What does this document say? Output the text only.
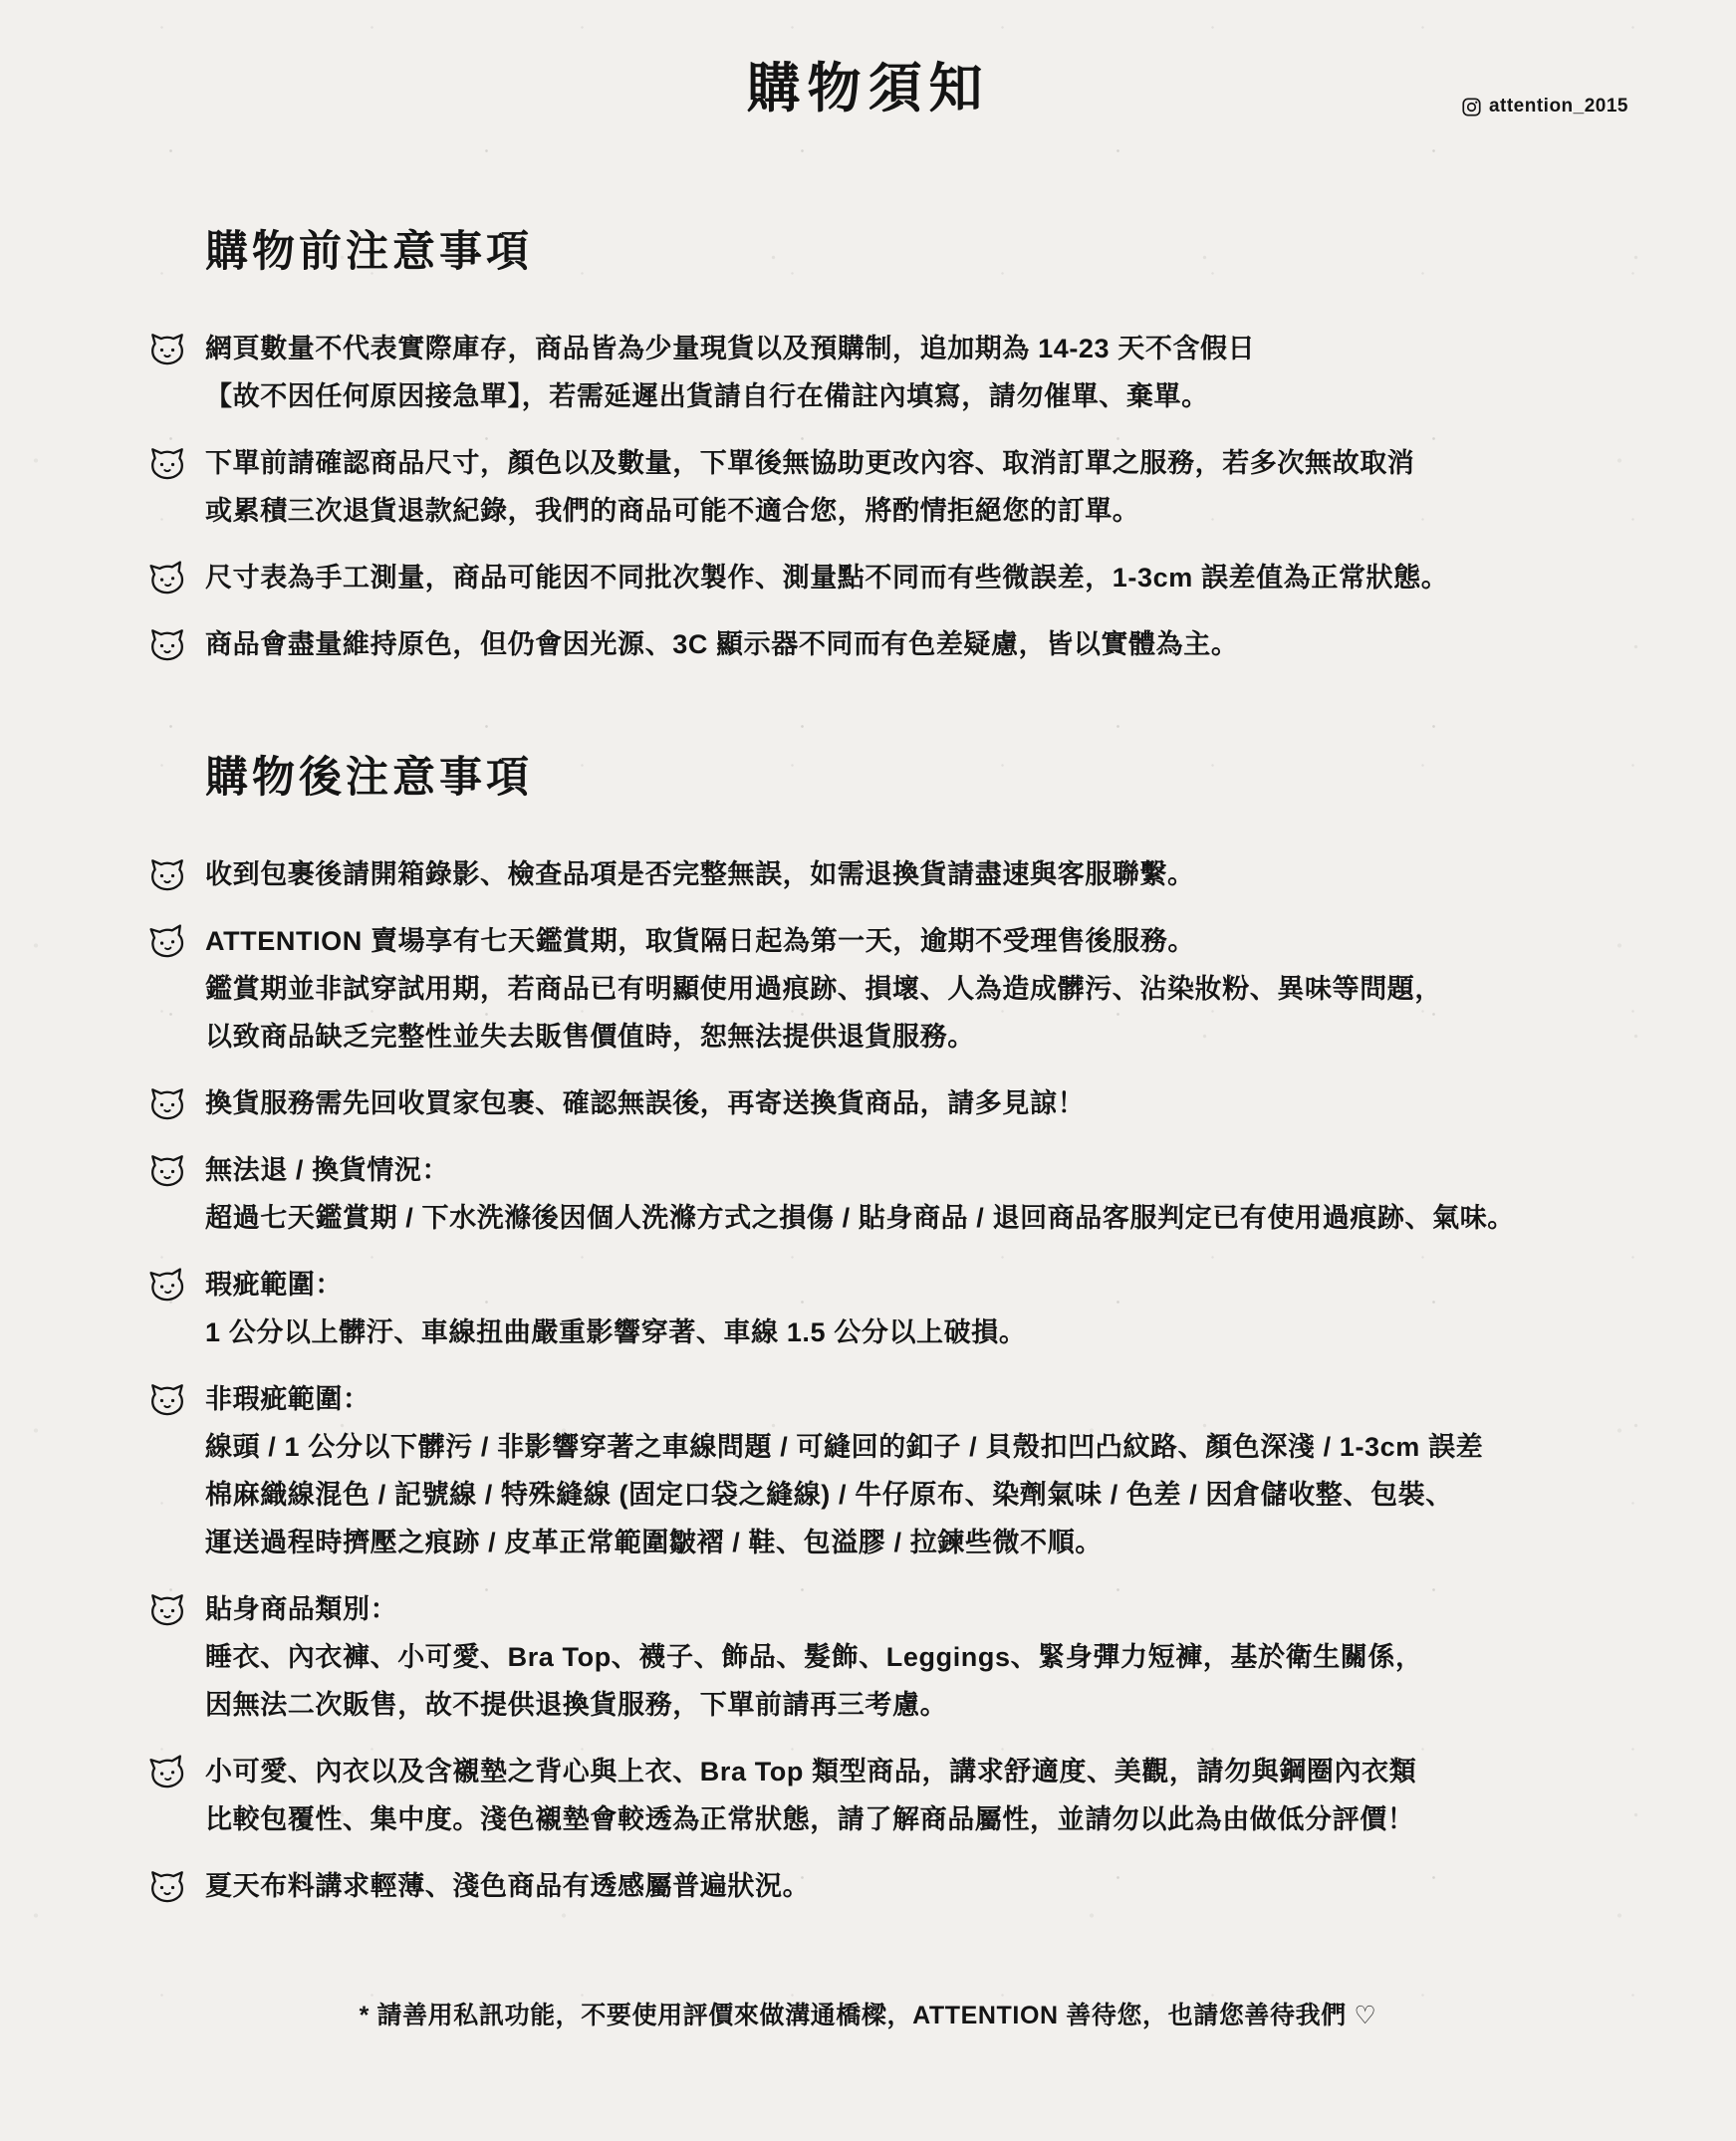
購物須知	attention_2015
購物前注意事項
網頁數量不代表實際庫存，商品皆為少量現貨以及預購制，追加期為 14-23 天不含假日
【故不因任何原因接急單】，若需延遲出貨請自行在備註內填寫，請勿催單、棄單。
下單前請確認商品尺寸，顏色以及數量，下單後無協助更改內容、取消訂單之服務，若多次無故取消
或累積三次退貨退款紀錄，我們的商品可能不適合您，將酌情拒絕您的訂單。
尺寸表為手工測量，商品可能因不同批次製作、測量點不同而有些微誤差，1-3cm 誤差值為正常狀態。
商品會盡量維持原色，但仍會因光源、3C 顯示器不同而有色差疑慮，皆以實體為主。
購物後注意事項
收到包裹後請開箱錄影、檢查品項是否完整無誤，如需退換貨請盡速與客服聯繫。
ATTENTION 賣場享有七天鑑賞期，取貨隔日起為第一天，逾期不受理售後服務。
鑑賞期並非試穿試用期，若商品已有明顯使用過痕跡、損壞、人為造成髒污、沾染妝粉、異味等問題，
以致商品缺乏完整性並失去販售價值時，恕無法提供退貨服務。
換貨服務需先回收買家包裹、確認無誤後，再寄送換貨商品，請多見諒！
無法退 / 換貨情況：
超過七天鑑賞期 / 下水洗滌後因個人洗滌方式之損傷 / 貼身商品 / 退回商品客服判定已有使用過痕跡、氣味。
瑕疵範圍：
1 公分以上髒汙、車線扭曲嚴重影響穿著、車線 1.5 公分以上破損。
非瑕疵範圍：
線頭 / 1 公分以下髒污 / 非影響穿著之車線問題 / 可縫回的釦子 / 貝殼扣凹凸紋路、顏色深淺 / 1-3cm 誤差
棉麻織線混色 / 記號線 / 特殊縫線 (固定口袋之縫線) / 牛仔原布、染劑氣味 / 色差 / 因倉儲收整、包裝、
運送過程時擠壓之痕跡 / 皮革正常範圍皺褶 / 鞋、包溢膠 / 拉鍊些微不順。
貼身商品類別：
睡衣、內衣褲、小可愛、Bra Top、襪子、飾品、髮飾、Leggings、緊身彈力短褲，基於衛生關係，
因無法二次販售，故不提供退換貨服務，下單前請再三考慮。
小可愛、內衣以及含襯墊之背心與上衣、Bra Top 類型商品，講求舒適度、美觀，請勿與鋼圈內衣類
比較包覆性、集中度。淺色襯墊會較透為正常狀態，請了解商品屬性，並請勿以此為由做低分評價！
夏天布料講求輕薄、淺色商品有透感屬普遍狀況。

* 請善用私訊功能，不要使用評價來做溝通橋樑，ATTENTION 善待您，也請您善待我們 ♡
